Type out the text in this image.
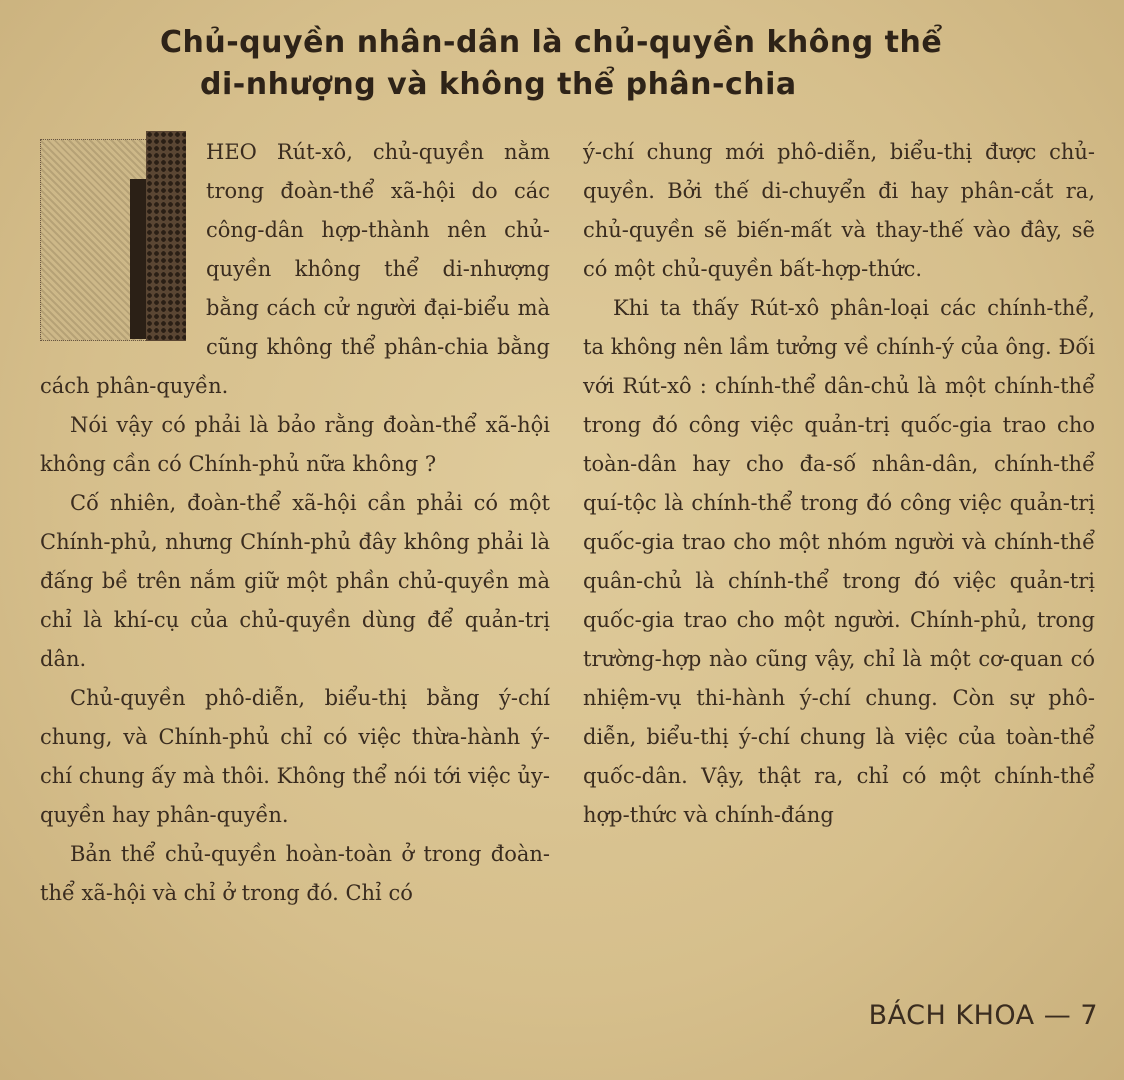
Chủ-quyền nhân-dân là chủ-quyền không thể
di-nhượng và không thể phân-chia

HEO Rút-xô, chủ-quyền nằm trong đoàn-thể xã-hội do các công-dân hợp-thành nên chủ-quyền không thể di-nhượng bằng cách cử người đại-biểu mà cũng không thể phân-chia bằng cách phân-quyền.

Nói vậy có phải là bảo rằng đoàn-thể xã-hội không cần có Chính-phủ nữa không ?

Cố nhiên, đoàn-thể xã-hội cần phải có một Chính-phủ, nhưng Chính-phủ đây không phải là đấng bề trên nắm giữ một phần chủ-quyền mà chỉ là khí-cụ của chủ-quyền dùng để quản-trị dân.

Chủ-quyền phô-diễn, biểu-thị bằng ý-chí chung, và Chính-phủ chỉ có việc thừa-hành ý-chí chung ấy mà thôi. Không thể nói tới việc ủy-quyền hay phân-quyền.

Bản thể chủ-quyền hoàn-toàn ở trong đoàn-thể xã-hội và chỉ ở trong đó. Chỉ có

ý-chí chung mới phô-diễn, biểu-thị được chủ-quyền. Bởi thế di-chuyển đi hay phân-cắt ra, chủ-quyền sẽ biến-mất và thay-thế vào đây, sẽ có một chủ-quyền bất-hợp-thức.

Khi ta thấy Rút-xô phân-loại các chính-thể, ta không nên lầm tưởng về chính-ý của ông. Đối với Rút-xô : chính-thể dân-chủ là một chính-thể trong đó công việc quản-trị quốc-gia trao cho toàn-dân hay cho đa-số nhân-dân, chính-thể quí-tộc là chính-thể trong đó công việc quản-trị quốc-gia trao cho một nhóm người và chính-thể quân-chủ là chính-thể trong đó việc quản-trị quốc-gia trao cho một người. Chính-phủ, trong trường-hợp nào cũng vậy, chỉ là một cơ-quan có nhiệm-vụ thi-hành ý-chí chung. Còn sự phô-diễn, biểu-thị ý-chí chung là việc của toàn-thể quốc-dân. Vậy, thật ra, chỉ có một chính-thể hợp-thức và chính-đáng

BÁCH KHOA — 7
